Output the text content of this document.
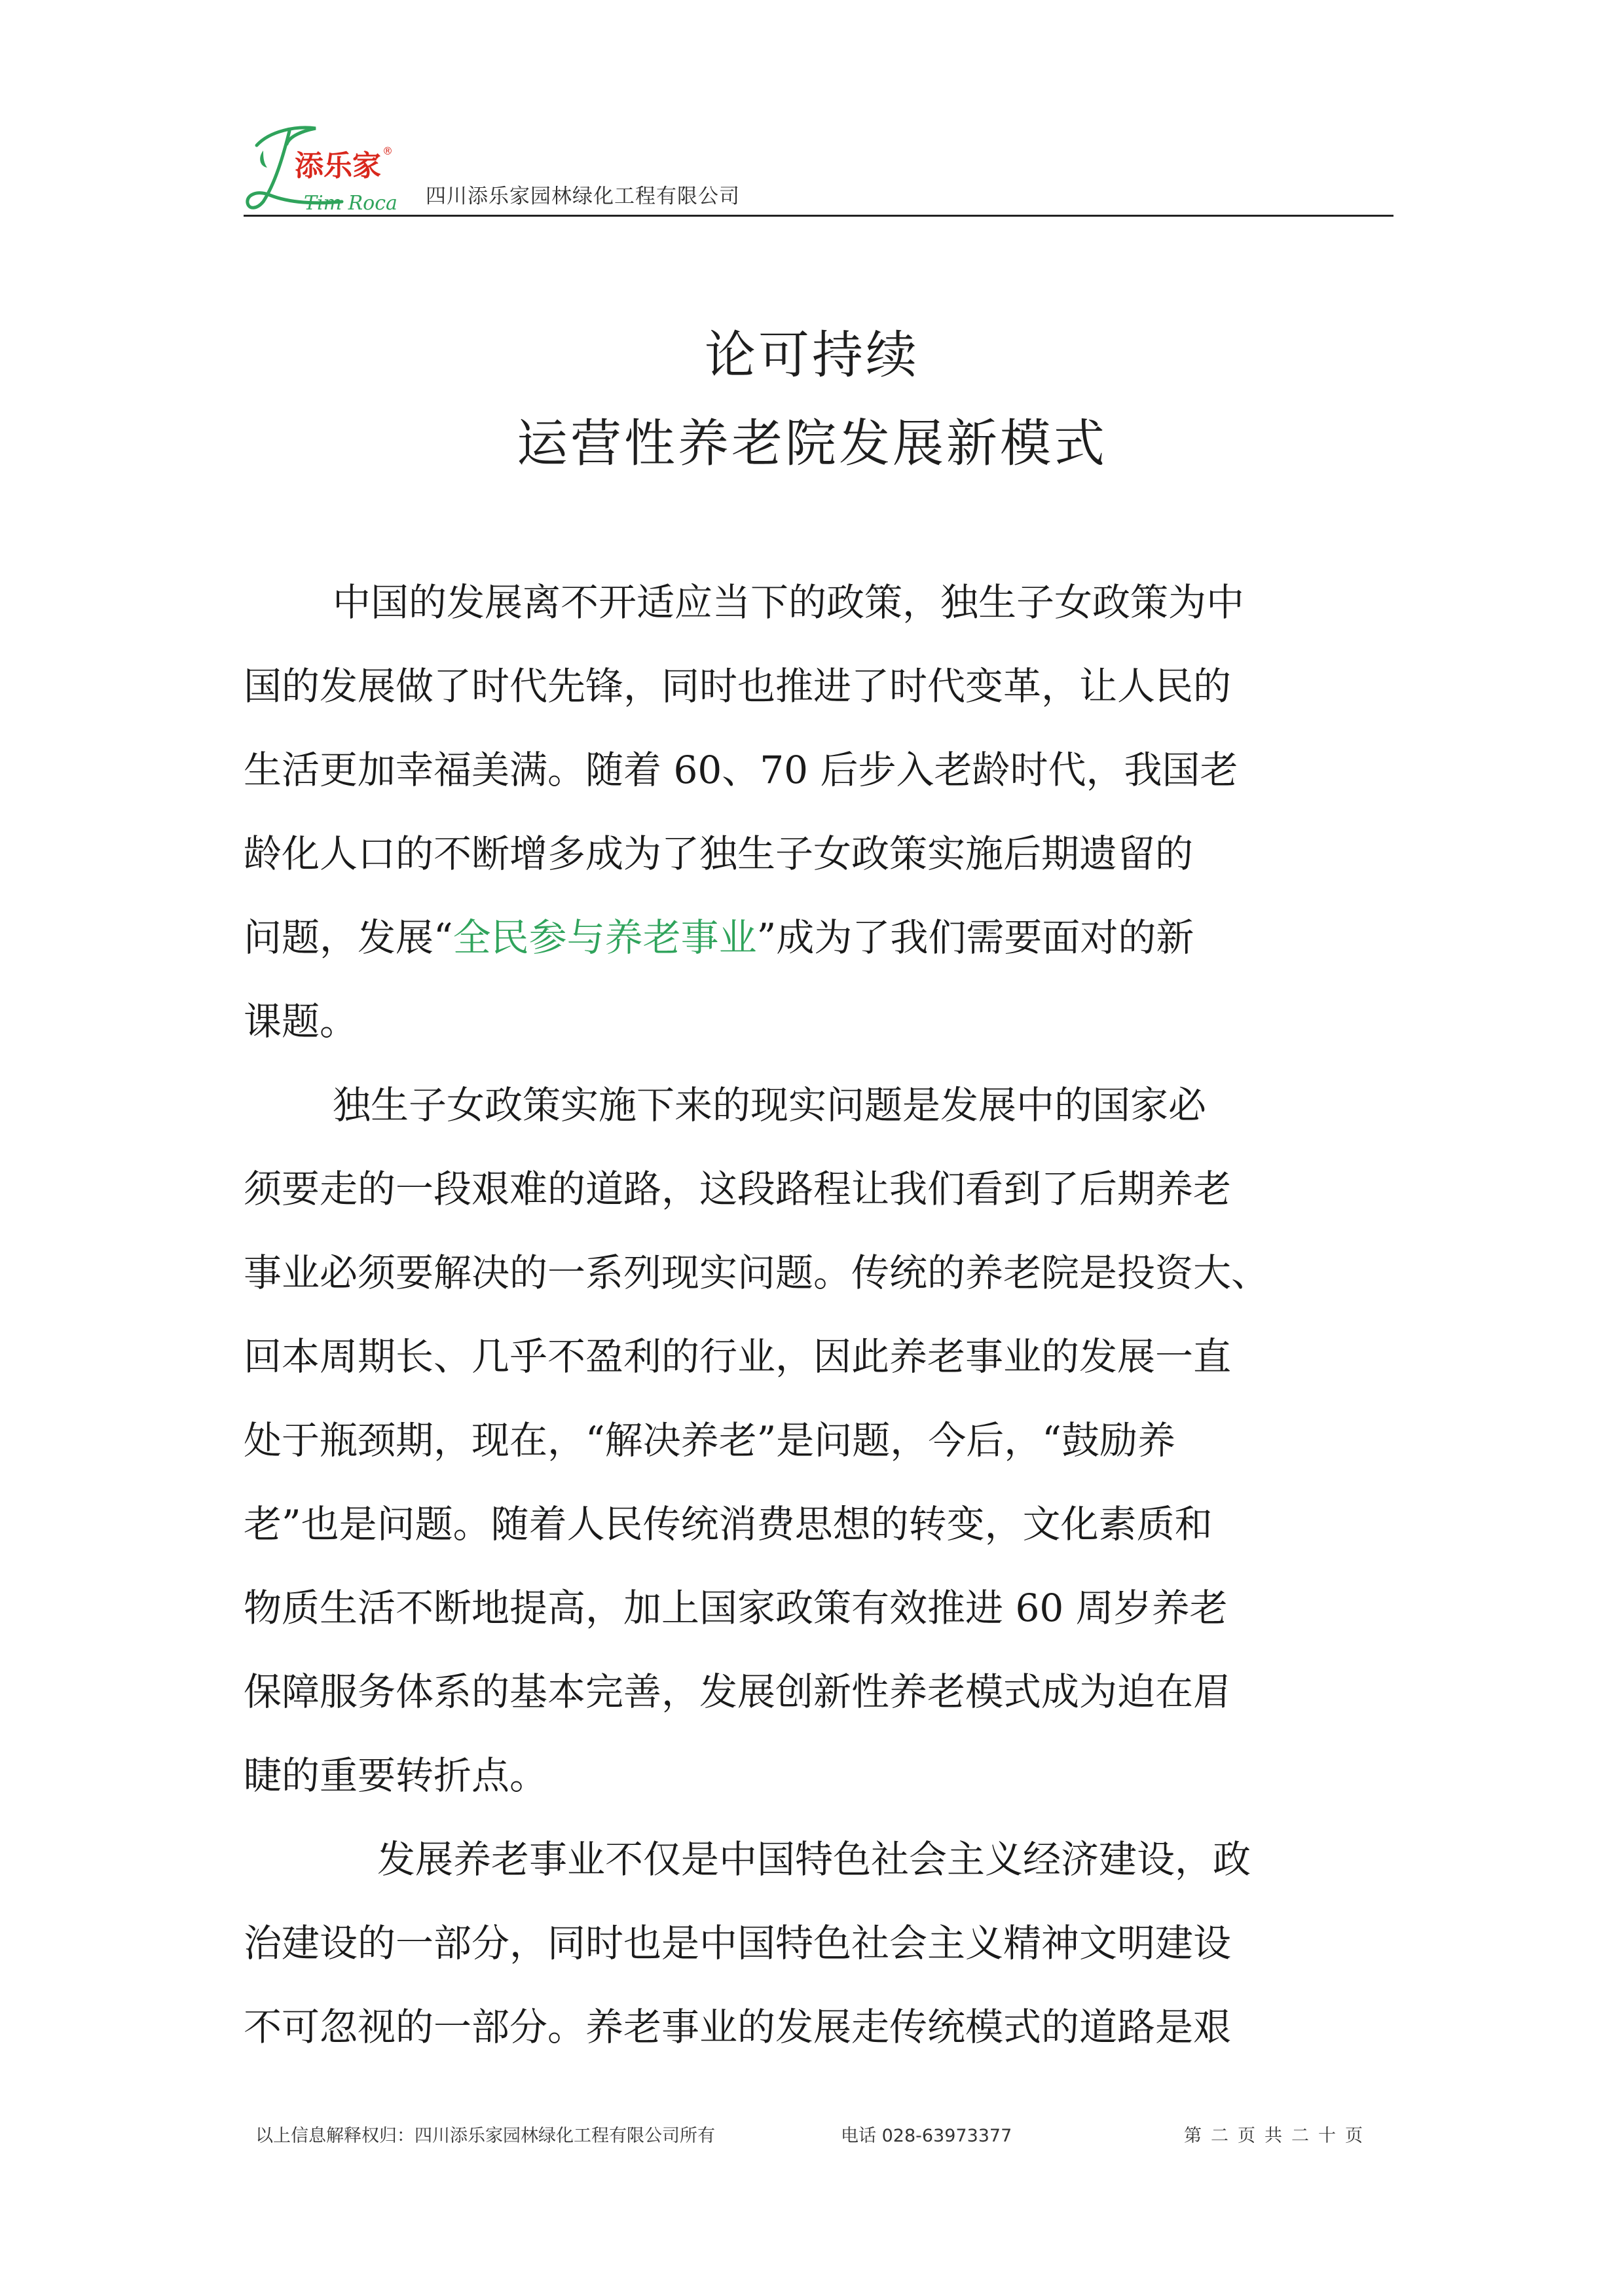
添乐家 ®
Tim Roca 四川添乐家园林绿化工程有限公司
论可持续
运营性养老院发展新模式
中国的发展离不开适应当下的政策，独生子女政策为中
国的发展做了时代先锋，同时也推进了时代变革，让人民的
生活更加幸福美满。随着 60、70 后步入老龄时代，我国老
龄化人口的不断增多成为了独生子女政策实施后期遗留的
问题，发展“全民参与养老事业”成为了我们需要面对的新
课题。
独生子女政策实施下来的现实问题是发展中的国家必
须要走的一段艰难的道路，这段路程让我们看到了后期养老
事业必须要解决的一系列现实问题。传统的养老院是投资大、
回本周期长、几乎不盈利的行业，因此养老事业的发展一直
处于瓶颈期，现在，“解决养老”是问题，今后，“鼓励养
老”也是问题。随着人民传统消费思想的转变，文化素质和
物质生活不断地提高，加上国家政策有效推进 60 周岁养老
保障服务体系的基本完善，发展创新性养老模式成为迫在眉
睫的重要转折点。
发展养老事业不仅是中国特色社会主义经济建设，政
治建设的一部分，同时也是中国特色社会主义精神文明建设
不可忽视的一部分。养老事业的发展走传统模式的道路是艰
以上信息解释权归：四川添乐家园林绿化工程有限公司所有	电话 028-63973377	第二页共二十页
